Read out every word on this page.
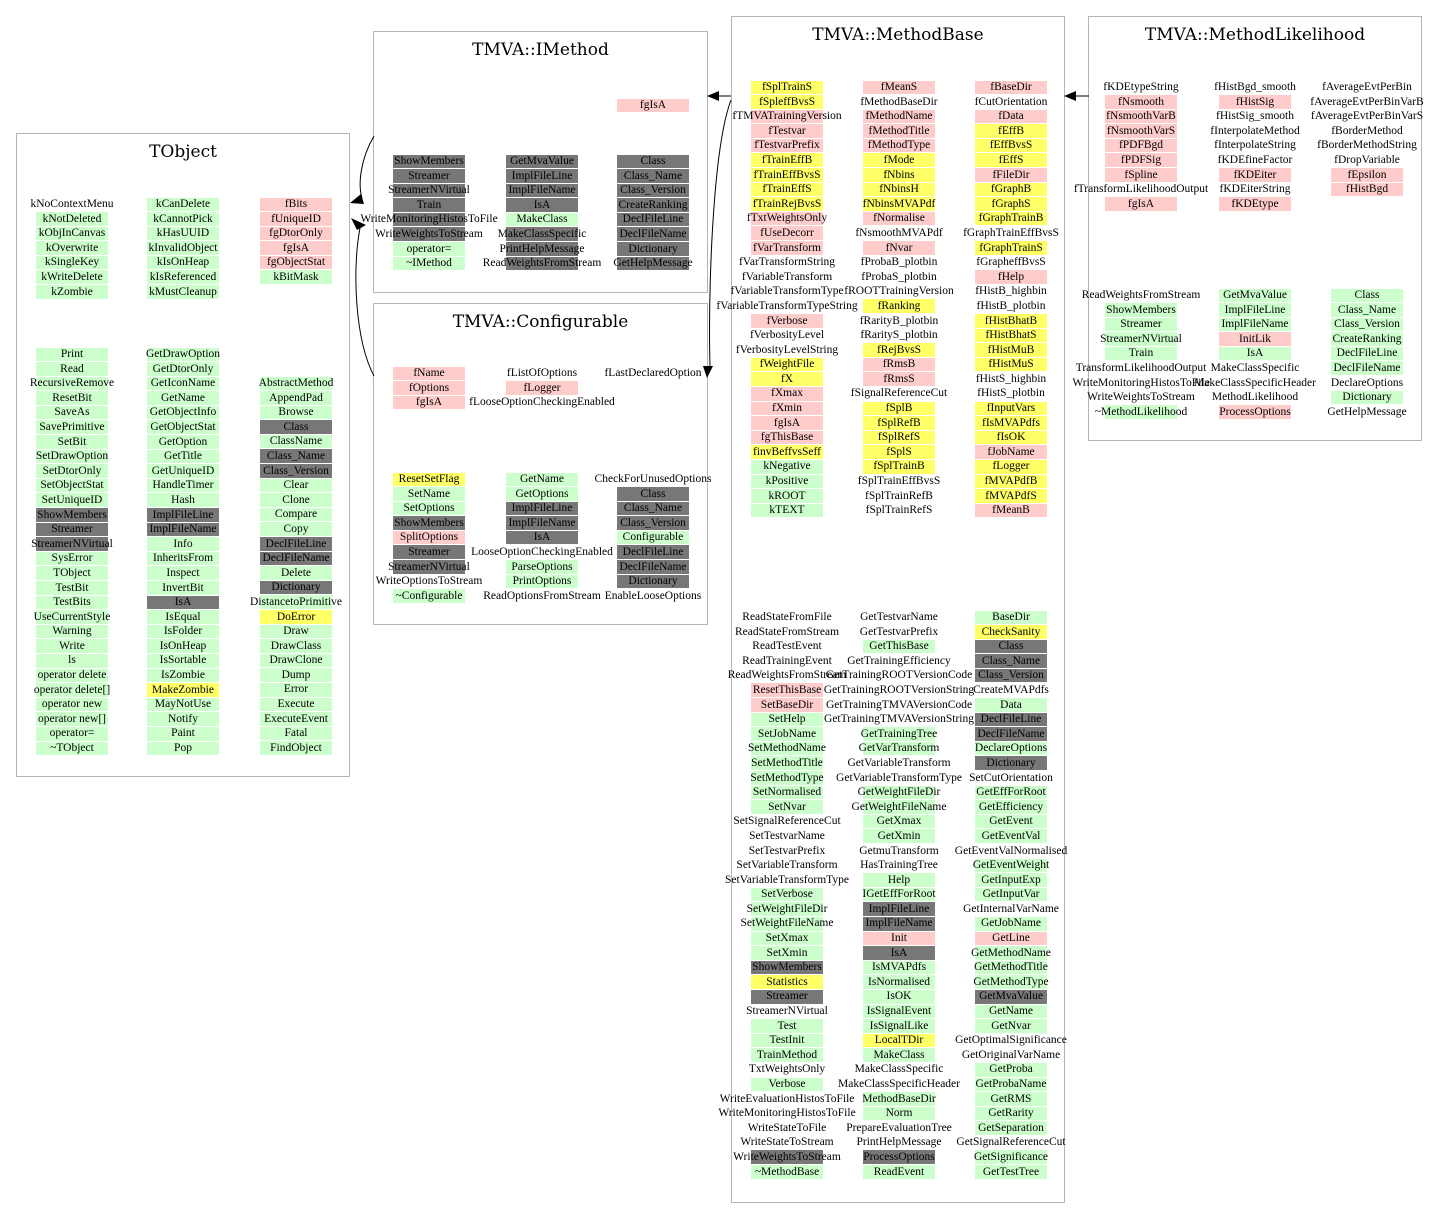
TObject
kNoContextMenu
kNotDeleted
kObjInCanvas
kOverwrite
kSingleKey
kWriteDelete
kZombie
kCanDelete
kCannotPick
kHasUUID
kInvalidObject
kIsOnHeap
kIsReferenced
kMustCleanup
fBits
fUniqueID
fgDtorOnly
fgIsA
fgObjectStat
kBitMask
Print
Read
RecursiveRemove
ResetBit
SaveAs
SavePrimitive
SetBit
SetDrawOption
SetDtorOnly
SetObjectStat
SetUniqueID
ShowMembers
Streamer
StreamerNVirtual
SysError
TObject
TestBit
TestBits
UseCurrentStyle
Warning
Write
ls
operator delete
operator delete[]
operator new
operator new[]
operator=
~TObject
GetDrawOption
GetDtorOnly
GetIconName
GetName
GetObjectInfo
GetObjectStat
GetOption
GetTitle
GetUniqueID
HandleTimer
Hash
ImplFileLine
ImplFileName
Info
InheritsFrom
Inspect
InvertBit
IsA
IsEqual
IsFolder
IsOnHeap
IsSortable
IsZombie
MakeZombie
MayNotUse
Notify
Paint
Pop
AbstractMethod
AppendPad
Browse
Class
ClassName
Class_Name
Class_Version
Clear
Clone
Compare
Copy
DeclFileLine
DeclFileName
Delete
Dictionary
DistancetoPrimitive
DoError
Draw
DrawClass
DrawClone
Dump
Error
Execute
ExecuteEvent
Fatal
FindObject
TMVA::IMethod
fgIsA
ShowMembers
Streamer
StreamerNVirtual
Train
WriteMonitoringHistosToFile
WriteWeightsToStream
operator=
~IMethod
GetMvaValue
ImplFileLine
ImplFileName
IsA
MakeClass
MakeClassSpecific
PrintHelpMessage
ReadWeightsFromStream
Class
Class_Name
Class_Version
CreateRanking
DeclFileLine
DeclFileName
Dictionary
GetHelpMessage
TMVA::Configurable
fName
fOptions
fgIsA
fListOfOptions
fLogger
fLooseOptionCheckingEnabled
fLastDeclaredOption
ResetSetFlag
SetName
SetOptions
ShowMembers
SplitOptions
Streamer
StreamerNVirtual
WriteOptionsToStream
~Configurable
GetName
GetOptions
ImplFileLine
ImplFileName
IsA
LooseOptionCheckingEnabled
ParseOptions
PrintOptions
ReadOptionsFromStream
CheckForUnusedOptions
Class
Class_Name
Class_Version
Configurable
DeclFileLine
DeclFileName
Dictionary
EnableLooseOptions
TMVA::MethodBase
fSplTrainS
fSpleffBvsS
fTMVATrainingVersion
fTestvar
fTestvarPrefix
fTrainEffB
fTrainEffBvsS
fTrainEffS
fTrainRejBvsS
fTxtWeightsOnly
fUseDecorr
fVarTransform
fVarTransformString
fVariableTransform
fVariableTransformType
fVariableTransformTypeString
fVerbose
fVerbosityLevel
fVerbosityLevelString
fWeightFile
fX
fXmax
fXmin
fgIsA
fgThisBase
finvBeffvsSeff
kNegative
kPositive
kROOT
kTEXT
fMeanS
fMethodBaseDir
fMethodName
fMethodTitle
fMethodType
fMode
fNbins
fNbinsH
fNbinsMVAPdf
fNormalise
fNsmoothMVAPdf
fNvar
fProbaB_plotbin
fProbaS_plotbin
fROOTTrainingVersion
fRanking
fRarityB_plotbin
fRarityS_plotbin
fRejBvsS
fRmsB
fRmsS
fSignalReferenceCut
fSplB
fSplRefB
fSplRefS
fSplS
fSplTrainB
fSplTrainEffBvsS
fSplTrainRefB
fSplTrainRefS
fBaseDir
fCutOrientation
fData
fEffB
fEffBvsS
fEffS
fFileDir
fGraphB
fGraphS
fGraphTrainB
fGraphTrainEffBvsS
fGraphTrainS
fGrapheffBvsS
fHelp
fHistB_highbin
fHistB_plotbin
fHistBhatB
fHistBhatS
fHistMuB
fHistMuS
fHistS_highbin
fHistS_plotbin
fInputVars
fIsMVAPdfs
fIsOK
fJobName
fLogger
fMVAPdfB
fMVAPdfS
fMeanB
ReadStateFromFile
ReadStateFromStream
ReadTestEvent
ReadTrainingEvent
ReadWeightsFromStream
ResetThisBase
SetBaseDir
SetHelp
SetJobName
SetMethodName
SetMethodTitle
SetMethodType
SetNormalised
SetNvar
SetSignalReferenceCut
SetTestvarName
SetTestvarPrefix
SetVariableTransform
SetVariableTransformType
SetVerbose
SetWeightFileDir
SetWeightFileName
SetXmax
SetXmin
ShowMembers
Statistics
Streamer
StreamerNVirtual
Test
TestInit
TrainMethod
TxtWeightsOnly
Verbose
WriteEvaluationHistosToFile
WriteMonitoringHistosToFile
WriteStateToFile
WriteStateToStream
WriteWeightsToStream
~MethodBase
GetTestvarName
GetTestvarPrefix
GetThisBase
GetTrainingEfficiency
GetTrainingROOTVersionCode
GetTrainingROOTVersionString
GetTrainingTMVAVersionCode
GetTrainingTMVAVersionString
GetTrainingTree
GetVarTransform
GetVariableTransform
GetVariableTransformType
GetWeightFileDir
GetWeightFileName
GetXmax
GetXmin
GetmuTransform
HasTrainingTree
Help
IGetEffForRoot
ImplFileLine
ImplFileName
Init
IsA
IsMVAPdfs
IsNormalised
IsOK
IsSignalEvent
IsSignalLike
LocalTDir
MakeClass
MakeClassSpecific
MakeClassSpecificHeader
MethodBaseDir
Norm
PrepareEvaluationTree
PrintHelpMessage
ProcessOptions
ReadEvent
BaseDir
CheckSanity
Class
Class_Name
Class_Version
CreateMVAPdfs
Data
DeclFileLine
DeclFileName
DeclareOptions
Dictionary
SetCutOrientation
GetEffForRoot
GetEfficiency
GetEvent
GetEventVal
GetEventValNormalised
GetEventWeight
GetInputExp
GetInputVar
GetInternalVarName
GetJobName
GetLine
GetMethodName
GetMethodTitle
GetMethodType
GetMvaValue
GetName
GetNvar
GetOptimalSignificance
GetOriginalVarName
GetProba
GetProbaName
GetRMS
GetRarity
GetSeparation
GetSignalReferenceCut
GetSignificance
GetTestTree
TMVA::MethodLikelihood
fKDEtypeString
fNsmooth
fNsmoothVarB
fNsmoothVarS
fPDFBgd
fPDFSig
fSpline
fTransformLikelihoodOutput
fgIsA
fHistBgd_smooth
fHistSig
fHistSig_smooth
fInterpolateMethod
fInterpolateString
fKDEfineFactor
fKDEiter
fKDEiterString
fKDEtype
fAverageEvtPerBin
fAverageEvtPerBinVarB
fAverageEvtPerBinVarS
fBorderMethod
fBorderMethodString
fDropVariable
fEpsilon
fHistBgd
ReadWeightsFromStream
ShowMembers
Streamer
StreamerNVirtual
Train
TransformLikelihoodOutput
WriteMonitoringHistosToFile
WriteWeightsToStream
~MethodLikelihood
GetMvaValue
ImplFileLine
ImplFileName
InitLik
IsA
MakeClassSpecific
MakeClassSpecificHeader
MethodLikelihood
ProcessOptions
Class
Class_Name
Class_Version
CreateRanking
DeclFileLine
DeclFileName
DeclareOptions
Dictionary
GetHelpMessage
